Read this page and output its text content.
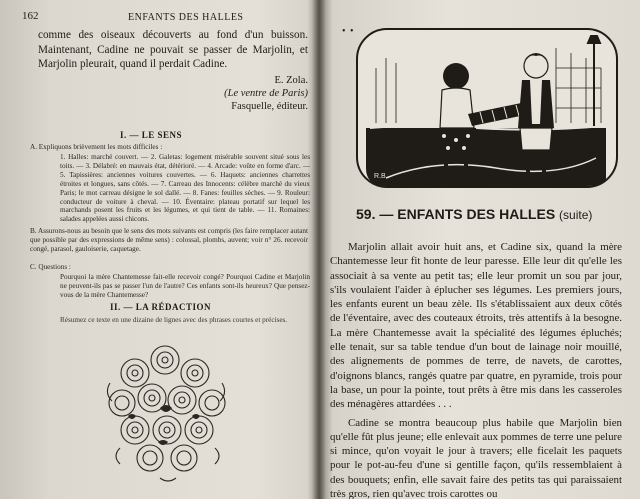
162	ENFANTS DES HALLES
comme des oiseaux découverts au fond d'un buisson. Maintenant, Cadine ne pouvait se passer de Marjolin, et Marjolin pleurait, quand il perdait Cadine.
E. Zola.
(Le ventre de Paris)
Fasquelle, éditeur.
I. — LE SENS
A. Expliquons brièvement les mots difficiles :
1. Halles: marché couvert. — 2. Galetas: logement misérable souvent situé sous les toits. — 3. Délabré: en mauvais état, détérioré. — 4. Arcade: voûte en forme d'arc. — 5. Tapissières: anciennes voitures couvertes. — 6. Haquets: anciennes charrettes étroites et longues, sans côtés. — 7. Carreau des Innocents: célèbre marché du vieux Paris; le mot carreau désigne le sol dallé. — 8. Fanes: feuilles sèches. — 9. Rouleur: conducteur de voiture à cheval. — 10. Éventaire: plateau portatif sur lequel les marchands posent les fruits et les légumes, et qui tient de table. — 11. Romaines: salades appelées aussi chicons.
B. Assurons-nous au besoin que le sens des mots suivants est compris (les faire remplacer autant que possible par des expressions de même sens) : colossal, plombs, auvent; voir n° 26. recevoir congé, parasol, gauloiserie, caquetage.
C. Questions :
Pourquoi la mère Chantemesse fait-elle recevoir congé? Pourquoi Cadine et Marjolin ne peuvent-ils pas se passer l'un de l'autre? Ces enfants sont-ils heureux? Que pensez-vous de la mère Chantemesse?
II. — LA RÉDACTION
Résumez ce texte en une dizaine de lignes avec des phrases courtes et précises.
• •
R.B.
59. — ENFANTS DES HALLES (suite)

Marjolin allait avoir huit ans, et Cadine six, quand la mère Chantemesse leur fit honte de leur paresse. Elle leur dit qu'elle les associait à sa vente au petit tas; elle leur promit un sou par jour, s'ils voulaient l'aider à éplucher ses légumes. Les premiers jours, les enfants eurent un beau zèle. Ils s'établissaient aux deux côtés de l'éventaire, avec des couteaux étroits, très attentifs à la besogne. La mère Chantemesse avait la spécialité des légumes épluchés; elle tenait, sur sa table tendue d'un bout de lainage noir mouillé, des alignements de pommes de terre, de navets, de carottes, d'oignons blancs, rangés quatre par quatre, en pyramide, trois pour la base, un pour la pointe, tout prêts à être mis dans les casseroles des ménagères attardées . . .

Cadine se montra beaucoup plus habile que Marjolin bien qu'elle fût plus jeune; elle enlevait aux pommes de terre une pelure si mince, qu'on voyait le jour à travers; elle ficelait les paquets pour le pot-au-feu d'une si gentille façon, qu'ils ressemblaient à des bouquets; enfin, elle savait faire des petits tas qui paraissaient très gros, rien qu'avec trois carottes ou
